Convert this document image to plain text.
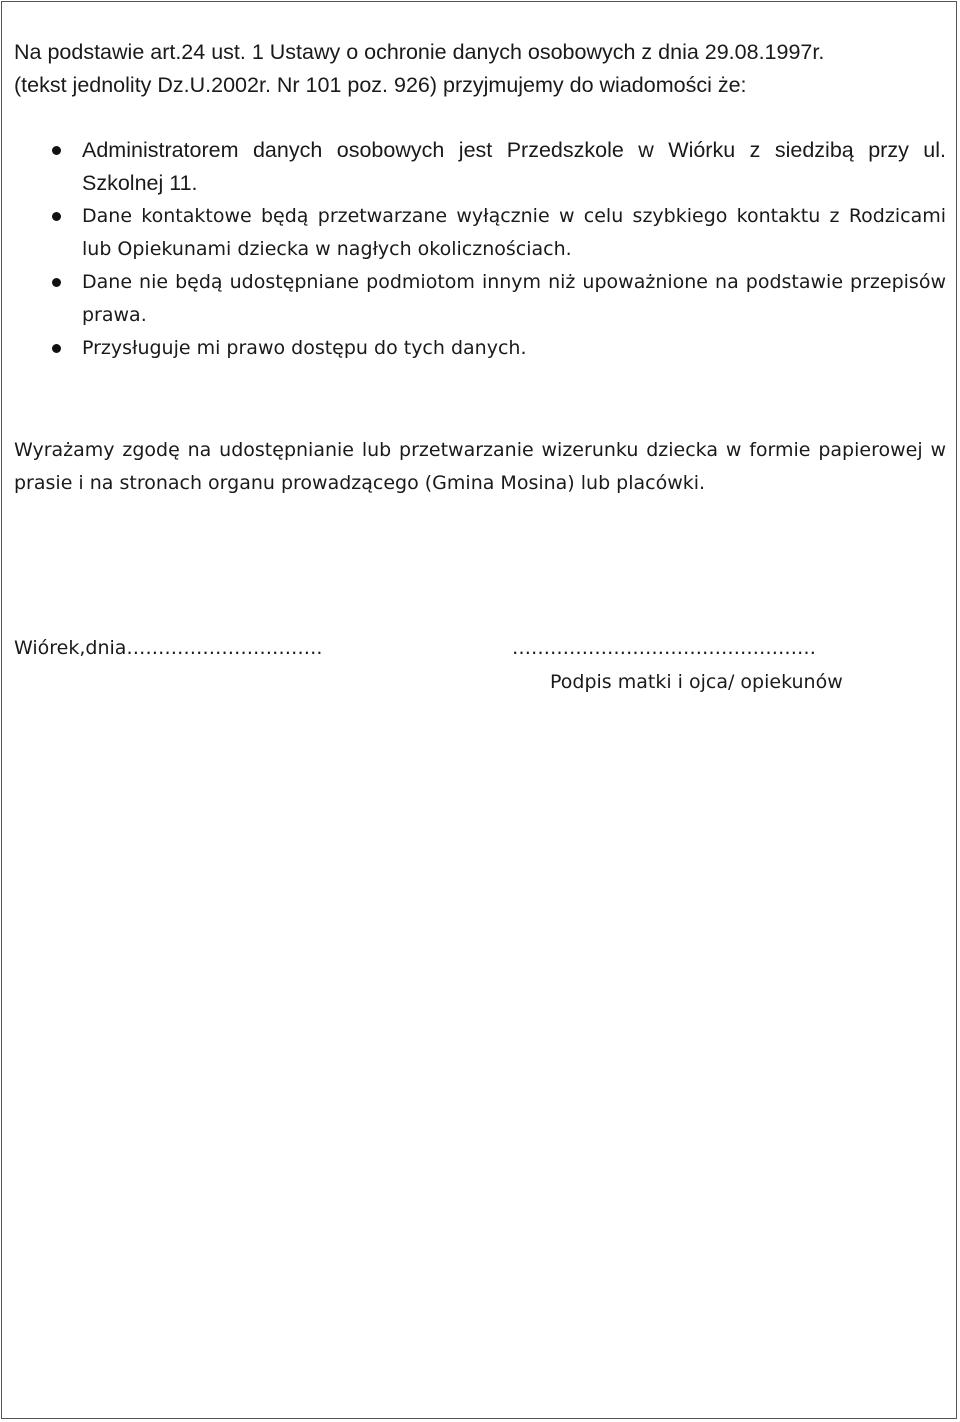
Na podstawie art.24 ust. 1 Ustawy o ochronie danych osobowych z dnia 29.08.1997r.
(tekst jednolity Dz.U.2002r. Nr 101 poz. 926) przyjmujemy do wiadomości że:

Administratorem danych osobowych jest Przedszkole w Wiórku z siedzibą przy ul. Szkolnej 11.
Dane kontaktowe będą przetwarzane wyłącznie w celu szybkiego kontaktu z Rodzicami lub Opiekunami dziecka w nagłych okolicznościach.
Dane nie będą udostępniane podmiotom innym niż upoważnione na podstawie przepisów prawa.
Przysługuje mi prawo dostępu do tych danych.

Wyrażamy zgodę na udostępnianie lub przetwarzanie wizerunku dziecka w formie papierowej w prasie i na stronach organu prowadzącego (Gmina Mosina) lub placówki.

Wiórek,dnia………………………….	…………………………………………
Podpis matki i ojca/ opiekunów
